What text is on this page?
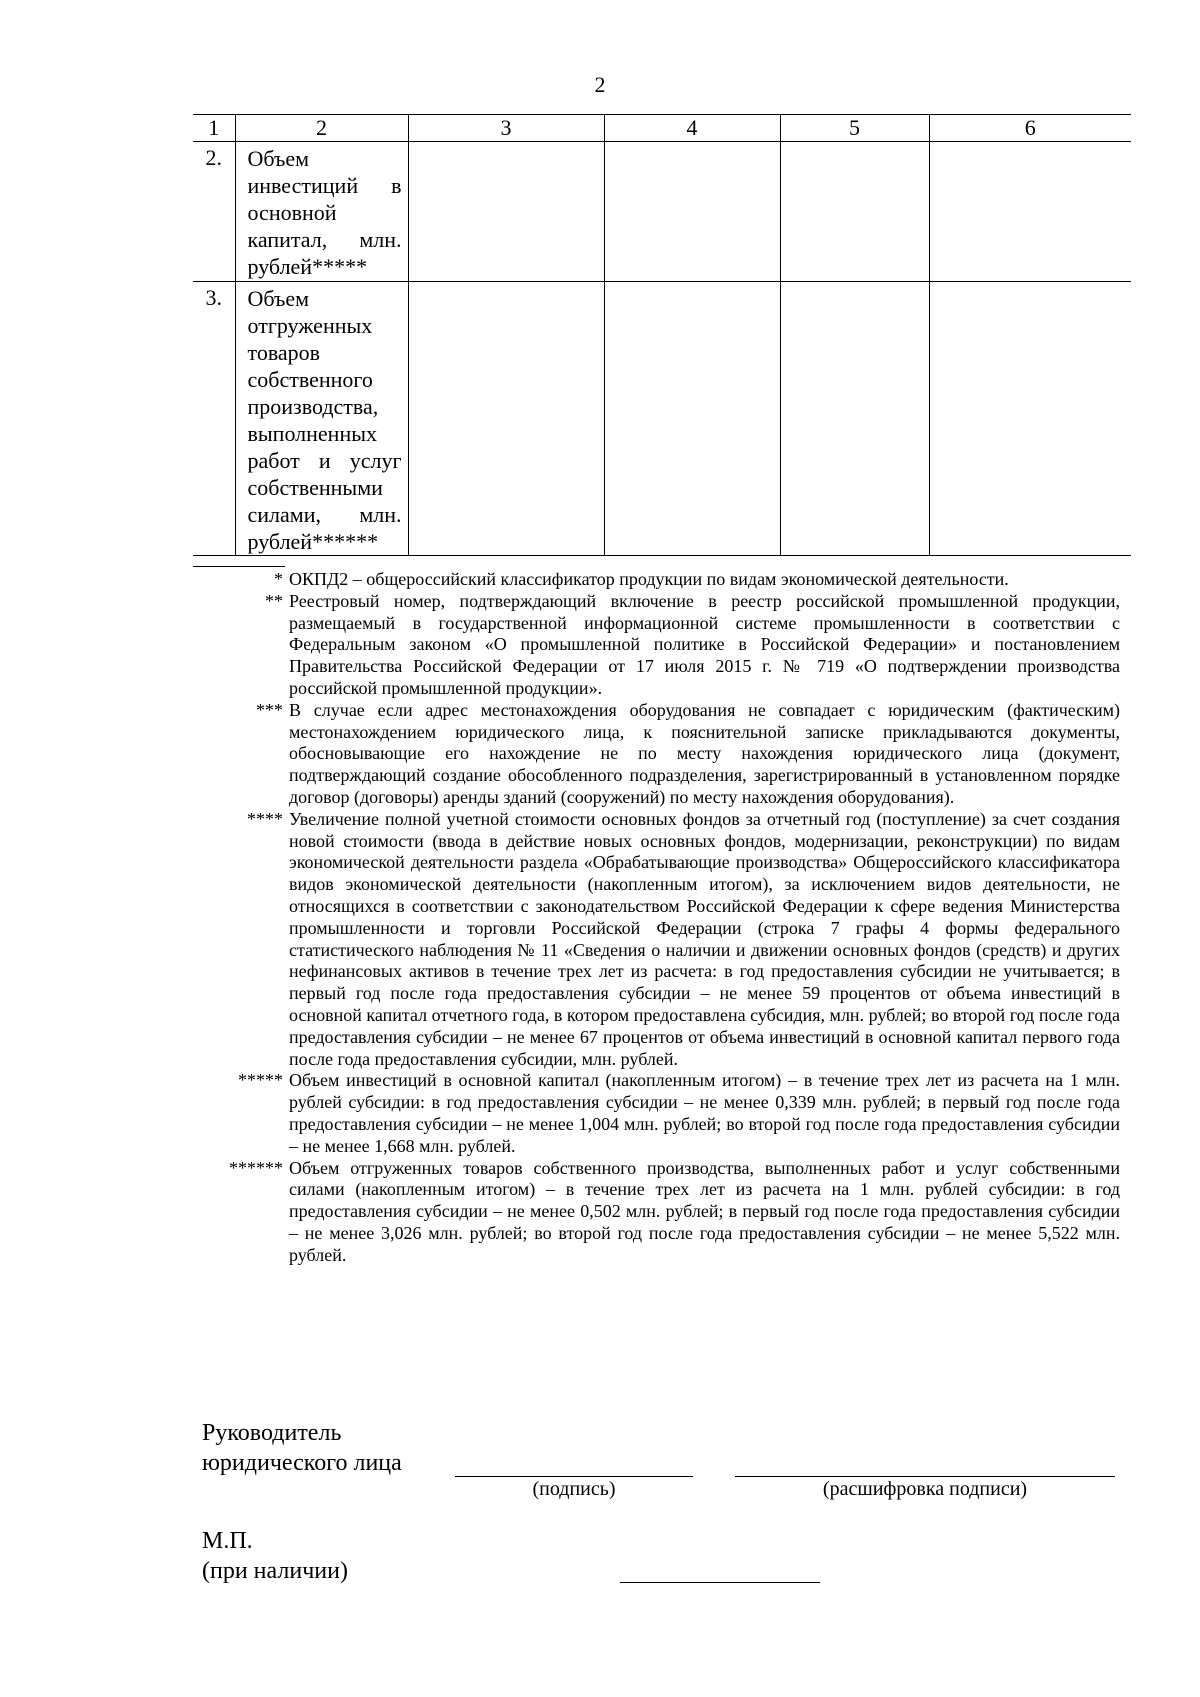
2
1	2	3	4	5	6
2.	Объем инвестиций в основной капитал, млн. рублей*****				
3.	Объем отгруженных товаров собственного производства, выполненных работ и услуг собственными силами, млн. рублей******				
* ОКПД2 – общероссийский классификатор продукции по видам экономической деятельности.
** Реестровый номер, подтверждающий включение в реестр российской промышленной продукции, размещаемый в государственной информационной системе промышленности в соответствии с Федеральным законом «О промышленной политике в Российской Федерации» и постановлением Правительства Российской Федерации от 17 июля 2015 г. № 719 «О подтверждении производства российской промышленной продукции».
*** В случае если адрес местонахождения оборудования не совпадает с юридическим (фактическим) местонахождением юридического лица, к пояснительной записке прикладываются документы, обосновывающие его нахождение не по месту нахождения юридического лица (документ, подтверждающий создание обособленного подразделения, зарегистрированный в установленном порядке договор (договоры) аренды зданий (сооружений) по месту нахождения оборудования).
**** Увеличение полной учетной стоимости основных фондов за отчетный год (поступление) за счет создания новой стоимости (ввода в действие новых основных фондов, модернизации, реконструкции) по видам экономической деятельности раздела «Обрабатывающие производства» Общероссийского классификатора видов экономической деятельности (накопленным итогом), за исключением видов деятельности, не относящихся в соответствии с законодательством Российской Федерации к сфере ведения Министерства промышленности и торговли Российской Федерации (строка 7 графы 4 формы федерального статистического наблюдения № 11 «Сведения о наличии и движении основных фондов (средств) и других нефинансовых активов в течение трех лет из расчета: в год предоставления субсидии не учитывается; в первый год после года предоставления субсидии – не менее 59 процентов от объема инвестиций в основной капитал отчетного года, в котором предоставлена субсидия, млн. рублей; во второй год после года предоставления субсидии – не менее 67 процентов от объема инвестиций в основной капитал первого года после года предоставления субсидии, млн. рублей.
***** Объем инвестиций в основной капитал (накопленным итогом) – в течение трех лет из расчета на 1 млн. рублей субсидии: в год предоставления субсидии – не менее 0,339 млн. рублей; в первый год после года предоставления субсидии – не менее 1,004 млн. рублей; во второй год после года предоставления субсидии – не менее 1,668 млн. рублей.
****** Объем отгруженных товаров собственного производства, выполненных работ и услуг собственными силами (накопленным итогом) – в течение трех лет из расчета на 1 млн. рублей субсидии: в год предоставления субсидии – не менее 0,502 млн. рублей; в первый год после года предоставления субсидии – не менее 3,026 млн. рублей; во второй год после года предоставления субсидии – не менее 5,522 млн. рублей.
Руководитель
юридического лица
(подпись)	(расшифровка подписи)
М.П.
(при наличии)
